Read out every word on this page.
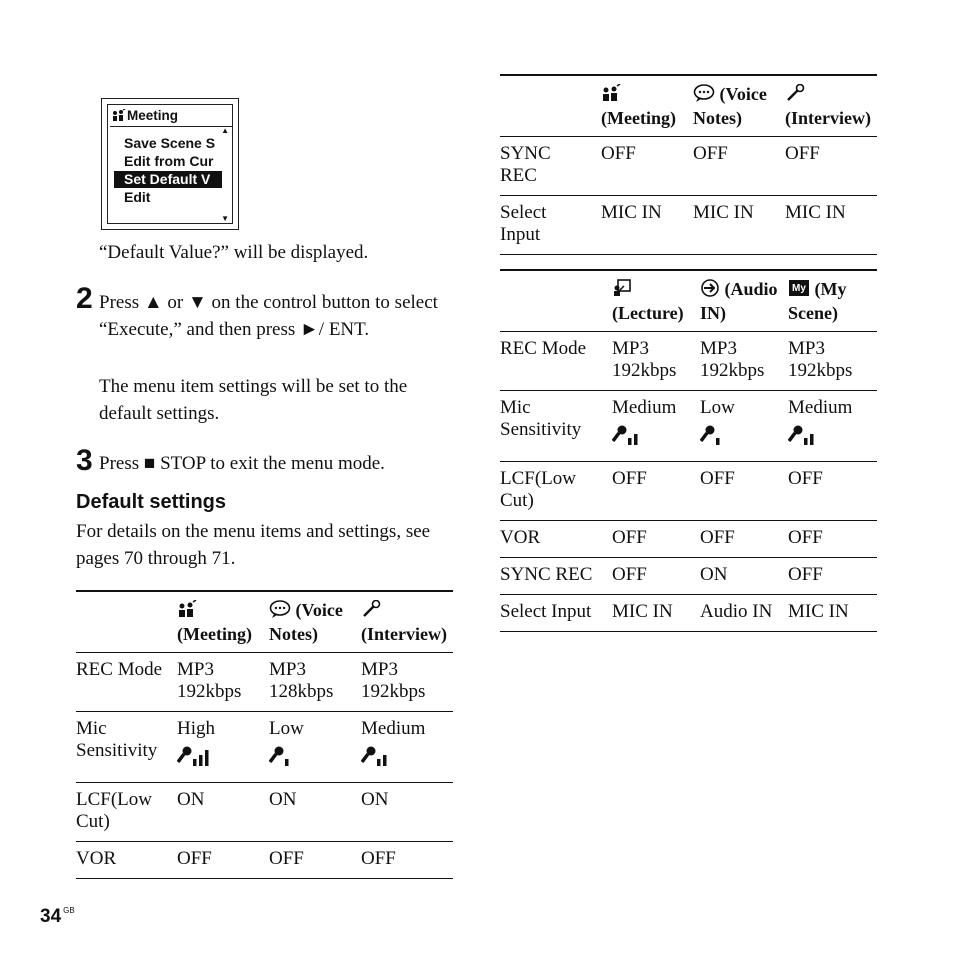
Meeting
Save Scene S
Edit from Cur
Set Default V
Edit
▲
▼
“Default Value?” will be displayed.
2 Press ▲ or ▼ on the control button to select “Execute,” and then press ►/ ENT.
The menu item settings will be set to the default settings.
3 Press ■ STOP to exit the menu mode.
Default settings
For details on the menu items and settings, see pages 70 through 71.

(Meeting)	(Voice Notes)	(Interview)
REC Mode	MP3 192kbps	MP3 128kbps	MP3 192kbps
Mic Sensitivity	High	Low	Medium

LCF(Low Cut)	ON	ON	ON
VOR	OFF	OFF	OFF

(Meeting)	(Voice Notes)	(Interview)
SYNC REC	OFF	OFF	OFF
Select Input	MIC IN	MIC IN	MIC IN

(Lecture)	(Audio IN)	My (My Scene)
REC Mode	MP3 192kbps	MP3 192kbps	MP3 192kbps
Mic Sensitivity	Medium	Low	Medium

LCF(Low Cut)	OFF	OFF	OFF
VOR	OFF	OFF	OFF
SYNC REC	OFF	ON	OFF
Select Input	MIC IN	Audio IN	MIC IN
34 $^{GB}$
